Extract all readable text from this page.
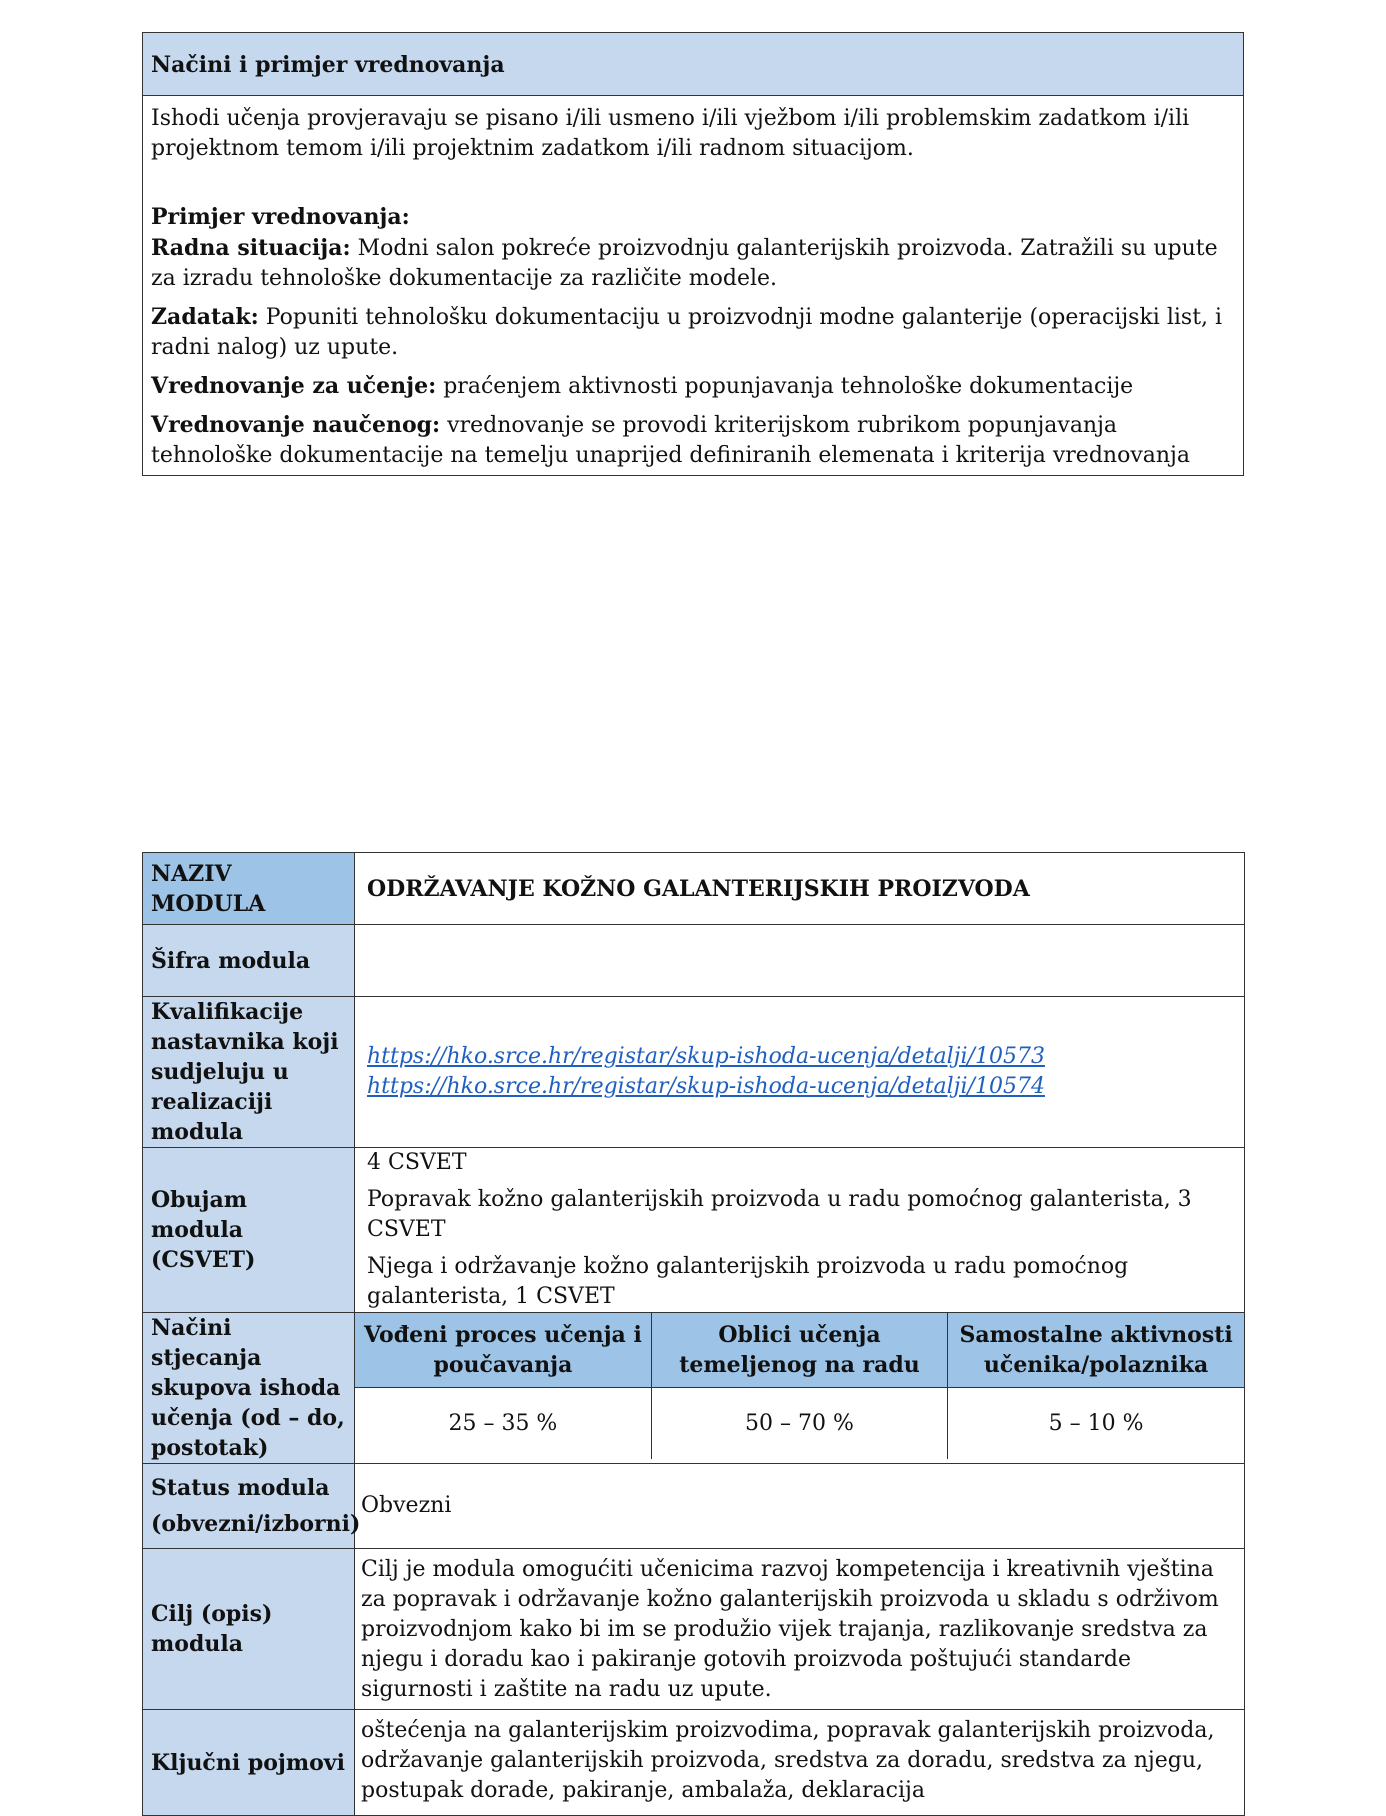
Načini i primjer vrednovanja

Ishodi učenja provjeravaju se pisano i/ili usmeno i/ili vježbom i/ili problemskim zadatkom i/ili projektnom temom i/ili projektnim zadatkom i/ili radnom situacijom.

Primjer vrednovanja:

Radna situacija: Modni salon pokreće proizvodnju galanterijskih proizvoda. Zatražili su upute za izradu tehnološke dokumentacije za različite modele.

Zadatak: Popuniti tehnološku dokumentaciju u proizvodnji modne galanterije (operacijski list, i radni nalog) uz upute.

Vrednovanje za učenje: praćenjem aktivnosti popunjavanja tehnološke dokumentacije

Vrednovanje naučenog: vrednovanje se provodi kriterijskom rubrikom popunjavanja tehnološke dokumentacije na temelju unaprijed definiranih elemenata i kriterija vrednovanja

NAZIV MODULA	ODRŽAVANJE KOŽNO GALANTERIJSKIH PROIZVODA
Šifra modula	
Kvalifikacije nastavnika koji sudjeluju u realizaciji modula	
https://hko.srce.hr/registar/skup-ishoda-ucenja/detalji/10573
https://hko.srce.hr/registar/skup-ishoda-ucenja/detalji/10574

Obujam modula (CSVET)	
4 CSVET
Popravak kožno galanterijskih proizvoda u radu pomoćnog galanterista, 3 CSVET
Njega i održavanje kožno galanterijskih proizvoda u radu pomoćnog galanterista, 1 CSVET

Načini stjecanja skupova ishoda učenja (od – do, postotak)	
Vođeni proces učenja i poučavanja	Oblici učenja temeljenog na radu	Samostalne aktivnosti učenika/polaznika
25 – 35 %	50 – 70 %	5 – 10 %

Status modula (obvezni/izborni)	Obvezni
Cilj (opis) modula	Cilj je modula omogućiti učenicima razvoj kompetencija i kreativnih vještina za popravak i održavanje kožno galanterijskih proizvoda u skladu s održivom proizvodnjom kako bi im se produžio vijek trajanja, razlikovanje sredstva za njegu i doradu kao i pakiranje gotovih proizvoda poštujući standarde sigurnosti i zaštite na radu uz upute.
Ključni pojmovi	oštećenja na galanterijskim proizvodima, popravak galanterijskih proizvoda, održavanje galanterijskih proizvoda, sredstva za doradu, sredstva za njegu, postupak dorade, pakiranje, ambalaža, deklaracija
